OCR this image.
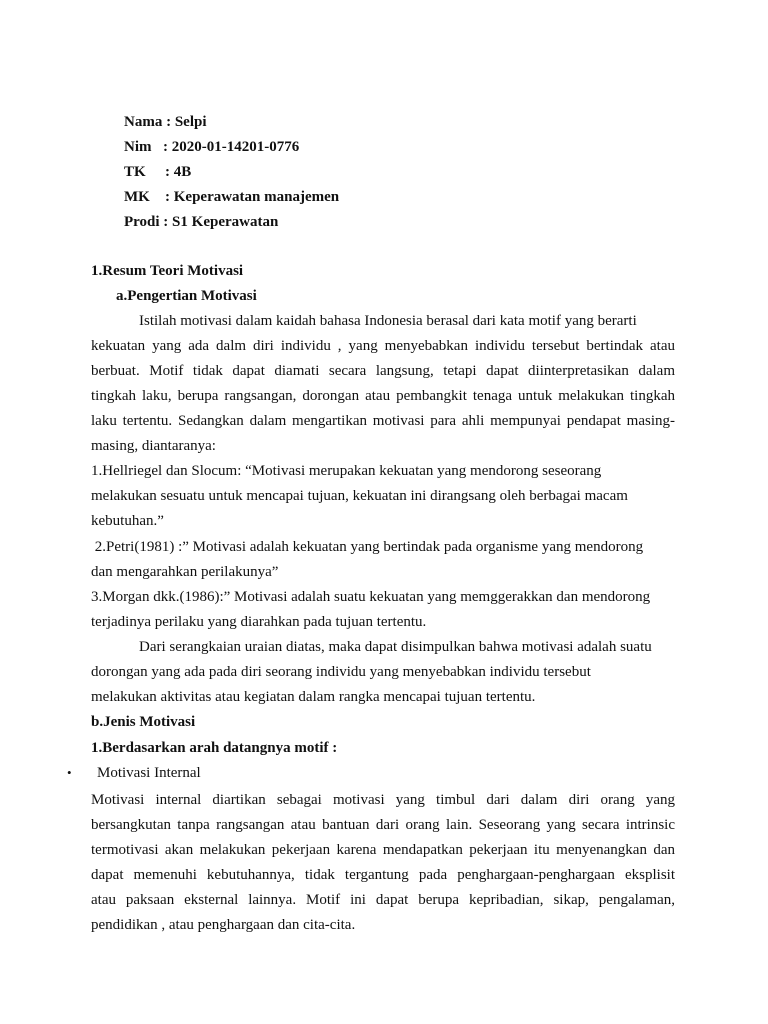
Nama : Selpi
Nim : 2020-01-14201-0776
TK : 4B
MK : Keperawatan manajemen
Prodi : S1 Keperawatan
1.Resum Teori Motivasi
a.Pengertian Motivasi
Istilah motivasi dalam kaidah bahasa Indonesia berasal dari kata motif yang berarti
kekuatan yang ada dalm diri individu , yang menyebabkan individu tersebut bertindak atau
berbuat. Motif tidak dapat diamati secara langsung, tetapi dapat diinterpretasikan dalam
tingkah laku, berupa rangsangan, dorongan atau pembangkit tenaga untuk melakukan tingkah
laku tertentu. Sedangkan dalam mengartikan motivasi para ahli mempunyai pendapat masing-
masing, diantaranya:
1.Hellriegel dan Slocum: “Motivasi merupakan kekuatan yang mendorong seseorang
melakukan sesuatu untuk mencapai tujuan, kekuatan ini dirangsang oleh berbagai macam
kebutuhan.”
2.Petri(1981) :” Motivasi adalah kekuatan yang bertindak pada organisme yang mendorong
dan mengarahkan perilakunya”
3.Morgan dkk.(1986):” Motivasi adalah suatu kekuatan yang memggerakkan dan mendorong
terjadinya perilaku yang diarahkan pada tujuan tertentu.
Dari serangkaian uraian diatas, maka dapat disimpulkan bahwa motivasi adalah suatu
dorongan yang ada pada diri seorang individu yang menyebabkan individu tersebut
melakukan aktivitas atau kegiatan dalam rangka mencapai tujuan tertentu.
b.Jenis Motivasi
1.Berdasarkan arah datangnya motif :
• Motivasi Internal
Motivasi internal diartikan sebagai motivasi yang timbul dari dalam diri orang yang
bersangkutan tanpa rangsangan atau bantuan dari orang lain. Seseorang yang secara intrinsic
termotivasi akan melakukan pekerjaan karena mendapatkan pekerjaan itu menyenangkan dan
dapat memenuhi kebutuhannya, tidak tergantung pada penghargaan-penghargaan eksplisit
atau paksaan eksternal lainnya. Motif ini dapat berupa kepribadian, sikap, pengalaman,
pendidikan , atau penghargaan dan cita-cita.
